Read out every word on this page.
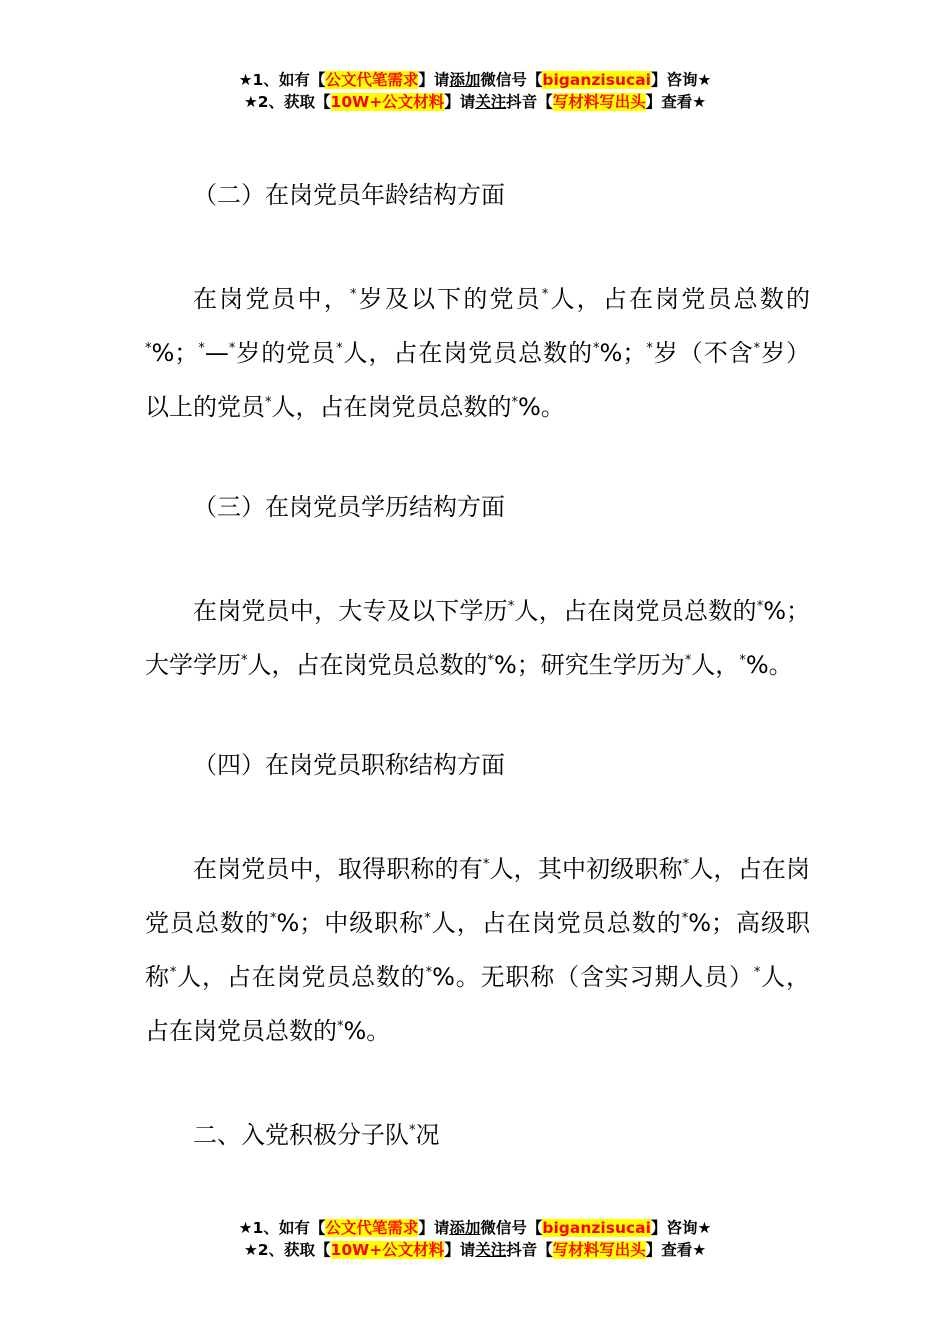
★1、如有【公文代笔需求】请添加微信号【biganzisucai】咨询★
★2、获取【10W+公文材料】请关注抖音【写材料写出头】查看★

（二）在岗党员年龄结构方面

在岗党员中，*岁及以下的党员*人，占在岗党员总数的*%；*—*岁的党员*人，占在岗党员总数的*%；*岁（不含*岁）以上的党员*人，占在岗党员总数的*%。

（三）在岗党员学历结构方面

在岗党员中，大专及以下学历*人，占在岗党员总数的*%；大学学历*人，占在岗党员总数的*%；研究生学历为*人，*%。

（四）在岗党员职称结构方面

在岗党员中，取得职称的有*人，其中初级职称*人，占在岗党员总数的*%；中级职称*人，占在岗党员总数的*%；高级职称*人，占在岗党员总数的*%。无职称（含实习期人员）*人，占在岗党员总数的*%。

二、入党积极分子队*况

★1、如有【公文代笔需求】请添加微信号【biganzisucai】咨询★
★2、获取【10W+公文材料】请关注抖音【写材料写出头】查看★
